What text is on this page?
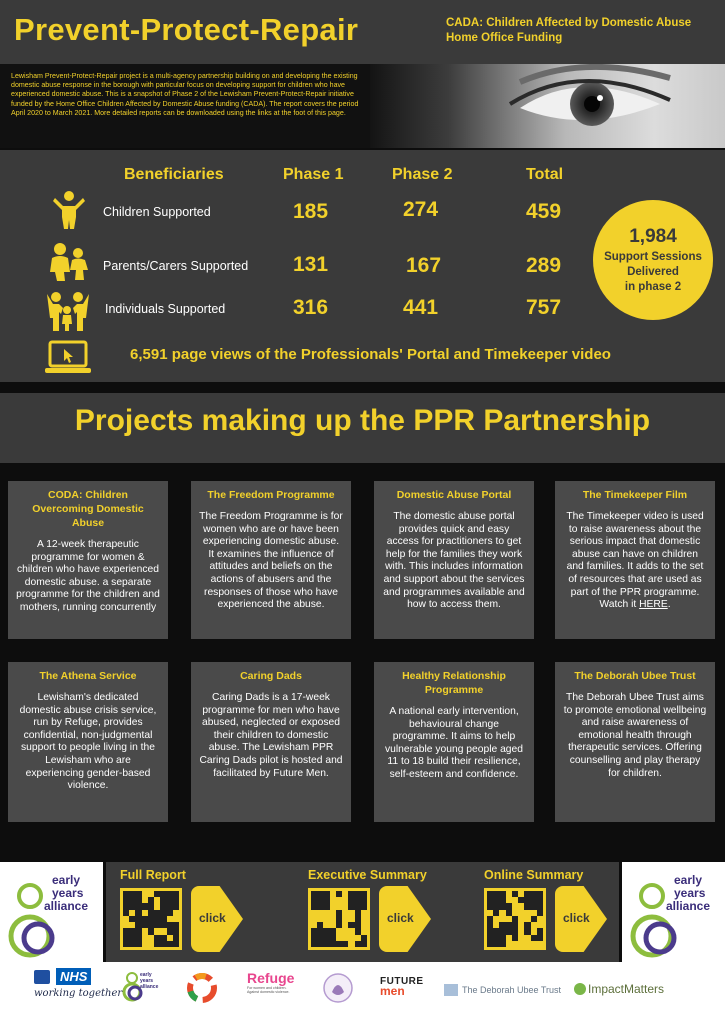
Prevent-Protect-Repair	CADA: Children Affected by Domestic Abuse
Home Office Funding
Lewisham Prevent-Protect-Repair project is a multi-agency partnership building on and developing the existing domestic abuse response in the borough with particular focus on developing support for children who have experienced domestic abuse. This is a snapshot of Phase 2 of the Lewisham Prevent-Protect-Repair initiative funded by the Home Office Children Affected by Domestic Abuse funding (CADA). The report covers the period April 2020 to March 2021. More detailed reports can be downloaded using the links at the foot of this page.
Beneficiaries	Phase 1	Phase 2	Total
Children Supported	185	274	459
Parents/Carers Supported 131	167	289
Individuals Supported	316	441	757
1,984
Support Sessions
Delivered
in phase 2
6,591 page views of the Professionals' Portal and Timekeeper video
Projects making up the PPR Partnership
CODA: Children Overcoming Domestic Abuse
A 12-week therapeutic programme for women & children who have experienced domestic abuse. a separate programme for the children and mothers, running concurrently
The Freedom Programme
The Freedom Programme is for women who are or have been experiencing domestic abuse. It examines the influence of attitudes and beliefs on the actions of abusers and the responses of those who have experienced the abuse.
Domestic Abuse Portal
The domestic abuse portal provides quick and easy access for practitioners to get help for the families they work with. This includes information and support about the services and programmes available and how to access them.
The Timekeeper Film
The Timekeeper video is used to raise awareness about the serious impact that domestic abuse can have on children and families. It adds to the set of resources that are used as part of the PPR programme. Watch it HERE.
The Athena Service
Lewisham's dedicated domestic abuse crisis service, run by Refuge, provides confidential, non-judgmental support to people living in the Lewisham who are experiencing gender-based violence.
Caring Dads
Caring Dads is a 17-week programme for men who have abused, neglected or exposed their children to domestic abuse. The Lewisham PPR Caring Dads pilot is hosted and facilitated by Future Men.
Healthy Relationship Programme
A national early intervention, behavioural change programme. It aims to help vulnerable young people aged 11 to 18 build their resilience, self-esteem and confidence.
The Deborah Ubee Trust
The Deborah Ubee Trust aims to promote emotional wellbeing and raise awareness of emotional health through therapeutic services. Offering counselling and play therapy for children.
early
years
alliance
early
years
alliance
Full Report
click
Executive Summary
click
Online Summary
click
NHS
working together
early years alliance
Refuge
For women and children. Against domestic violence.
FUTURE
men	The Deborah Ubee Trust ImpactMatters
